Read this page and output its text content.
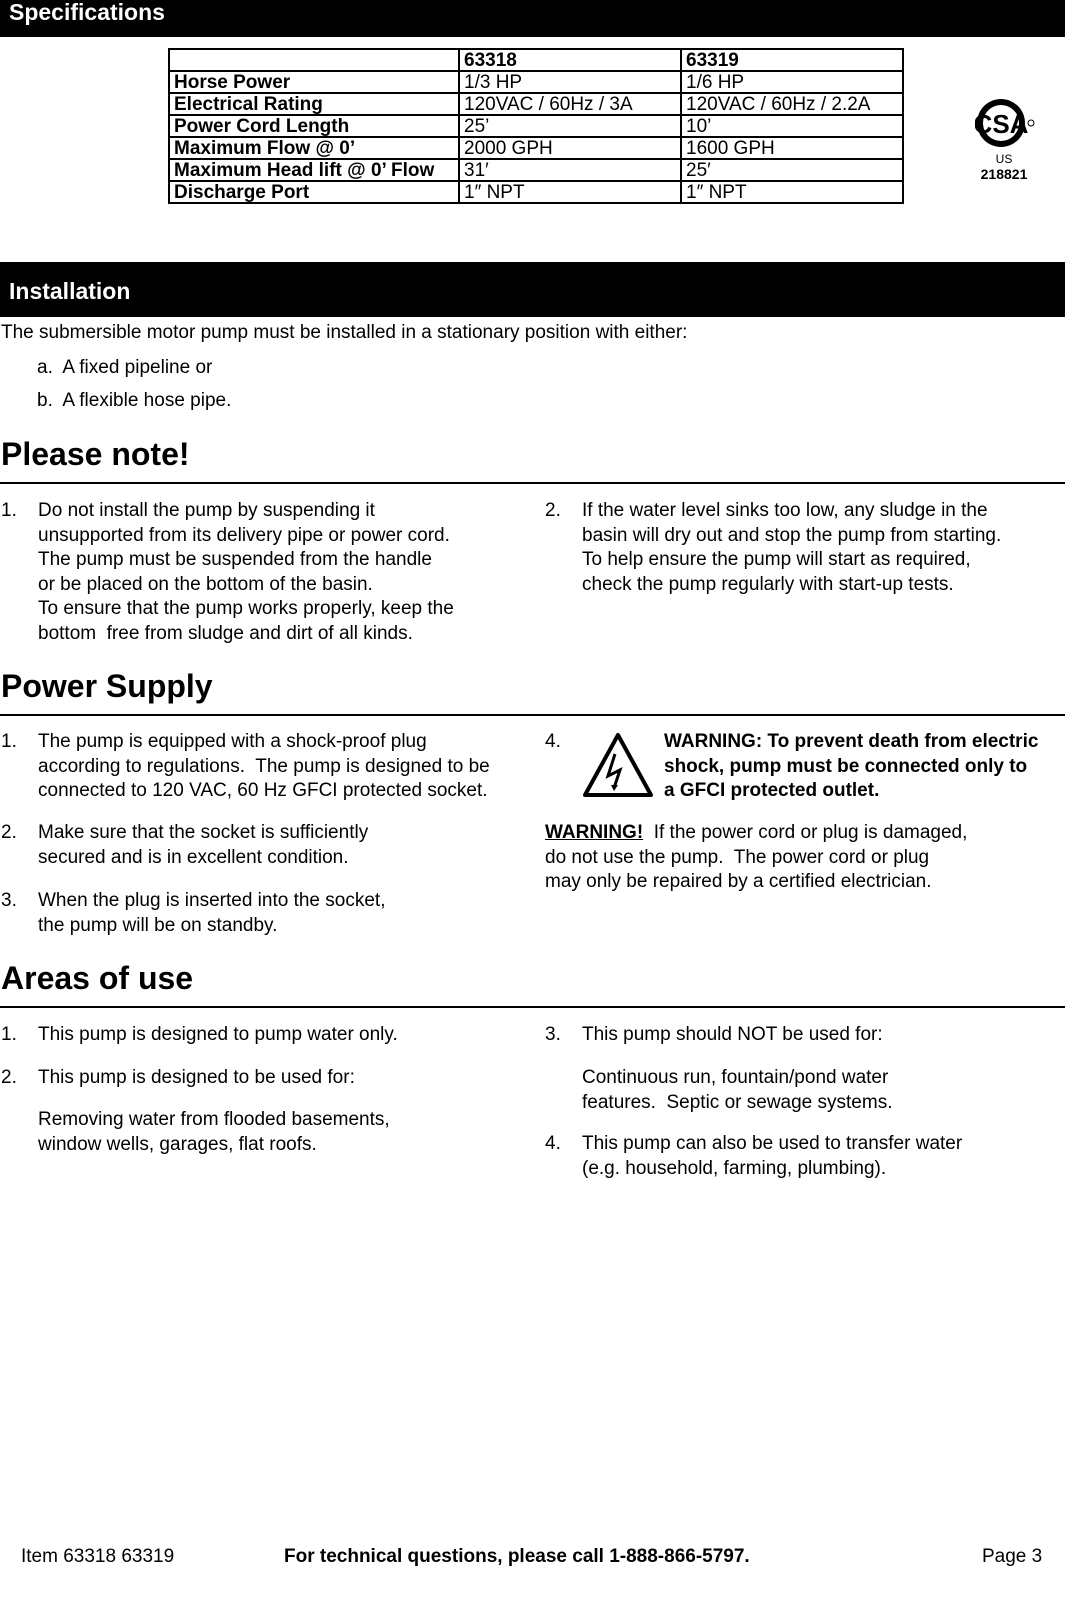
Specifications
	63318	63319
Horse Power	1/3 HP	1/6 HP
Electrical Rating	120VAC / 60Hz / 3A	120VAC / 60Hz / 2.2A
Power Cord Length	25’	10’
Maximum Flow @ 0’	2000 GPH	1600 GPH
Maximum Head lift @ 0’ Flow	31′	25′
Discharge Port	1″ NPT	1″ NPT
CSA
US
218821
Installation
The submersible motor pump must be installed in a stationary position with either:
a.  A fixed pipeline or
b.  A flexible hose pipe.
Please note!
1. Do not install the pump by suspending it
unsupported from its delivery pipe or power cord.
The pump must be suspended from the handle
or be placed on the bottom of the basin.
To ensure that the pump works properly, keep the
bottom  free from sludge and dirt of all kinds.
2. If the water level sinks too low, any sludge in the
basin will dry out and stop the pump from starting.
To help ensure the pump will start as required,
check the pump regularly with start-up tests.
Power Supply
1. The pump is equipped with a shock-proof plug
according to regulations.  The pump is designed to be
connected to 120 VAC, 60 Hz GFCI protected socket.
2. Make sure that the socket is sufficiently
secured and is in excellent condition.
3. When the plug is inserted into the socket,
the pump will be on standby.
4.	WARNING: To prevent death from electric
shock, pump must be connected only to
a GFCI protected outlet.
WARNING!  If the power cord or plug is damaged,
do not use the pump.  The power cord or plug
may only be repaired by a certified electrician.
Areas of use
1. This pump is designed to pump water only.
2. This pump is designed to be used for:
Removing water from flooded basements,
window wells, garages, flat roofs.
3. This pump should NOT be used for:
Continuous run, fountain/pond water
features.  Septic or sewage systems.
4. This pump can also be used to transfer water
(e.g. household, farming, plumbing).
Item 63318 63319	For technical questions, please call 1-888-866-5797.	Page 3
